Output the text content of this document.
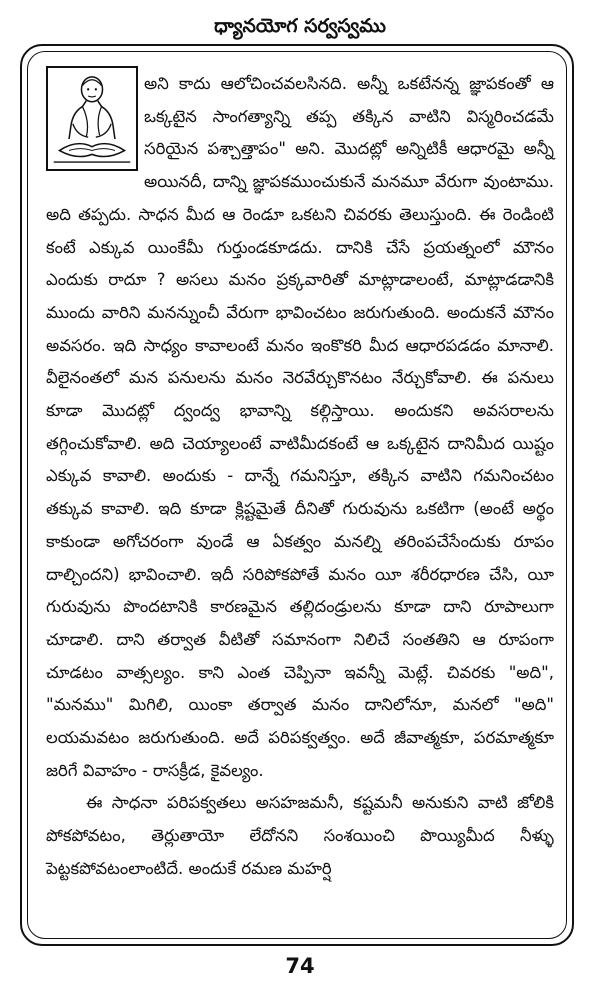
ధ్యానయోగ సర్వస్వము

అని కాదు ఆలోచించవలసినది. అన్నీ ఒకటేనన్న జ్ఞాపకంతో ఆ ఒక్కటైన సాంగత్యాన్ని తప్ప తక్కిన వాటిని విస్మరించడమే సరియైన పశ్చాత్తాపం" అని. మొదట్లో అన్నిటికీ ఆధారమై అన్నీ అయినదీ, దాన్ని జ్ఞాపకముంచుకునే మనమూ వేరుగా వుంటాము. అది తప్పదు. సాధన మీద ఆ రెండూ ఒకటని చివరకు తెలుస్తుంది. ఈ రెండింటి కంటే ఎక్కువ యింకేమీ గుర్తుండకూడదు. దానికి చేసే ప్రయత్నంలో మౌనం ఎందుకు రాదూ ? అసలు మనం ప్రక్కవారితో మాట్లాడాలంటే, మాట్లాడడానికి ముందు వారిని మనన్నుంచీ వేరుగా భావించటం జరుగుతుంది. అందుకనే మౌనం అవసరం. ఇది సాధ్యం కావాలంటే మనం ఇంకొకరి మీద ఆధారపడడం మానాలి. వీలైనంతలో మన పనులను మనం నెరవేర్చుకొనటం నేర్చుకోవాలి. ఈ పనులు కూడా మొదట్లో ద్వంద్వ భావాన్ని కల్గిస్తాయి. అందుకని అవసరాలను తగ్గించుకోవాలి. అది చెయ్యాలంటే వాటిమీదకంటే ఆ ఒక్కటైన దానిమీద యిష్టం ఎక్కువ కావాలి. అందుకు - దాన్నే గమనిస్తూ, తక్కిన వాటిని గమనించటం తక్కువ కావాలి. ఇది కూడా క్లిష్టమైతే దీనితో గురువును ఒకటిగా (అంటే అర్థం కాకుండా అగోచరంగా వుండే ఆ ఏకత్వం మనల్ని తరింపచేసేందుకు రూపం దాల్చిందని) భావించాలి. ఇదీ సరిపోకపోతే మనం యీ శరీరధారణ చేసి, యీ గురువును పొందటానికి కారణమైన తల్లిదండ్రులను కూడా దాని రూపాలుగా చూడాలి. దాని తర్వాత వీటితో సమానంగా నిలిచే సంతతిని ఆ రూపంగా చూడటం వాత్సల్యం. కాని ఎంత చెప్పినా ఇవన్నీ మెట్లే. చివరకు "అది", "మనము" మిగిలి, యింకా తర్వాత మనం దానిలోనూ, మనలో "అది" లయమవటం జరుగుతుంది. అదే పరిపక్వత్వం. అదే జీవాత్మకూ, పరమాత్మకూ జరిగే వివాహం - రాసక్రీడ, కైవల్యం.

ఈ సాధనా పరిపక్వతలు అసహజమనీ, కష్టమనీ అనుకుని వాటి జోలికి పోకపోవటం, తెర్లుతాయో లేదోనని సంశయించి పొయ్యిమీద నీళ్ళు పెట్టకపోవటంలాంటిదే. అందుకే రమణ మహర్షి

74
